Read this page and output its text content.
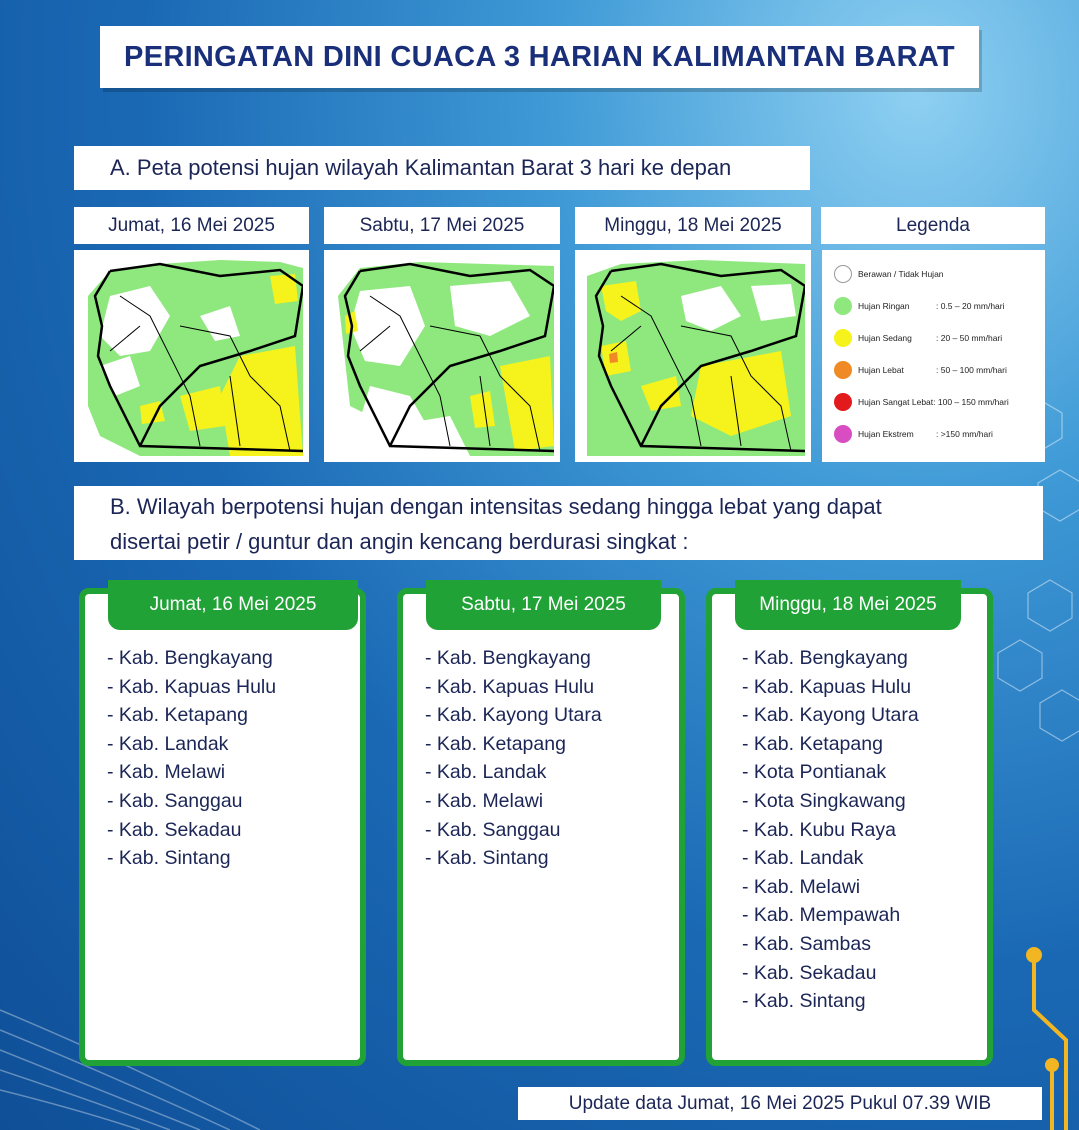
PERINGATAN DINI CUACA 3 HARIAN KALIMANTAN BARAT
A. Peta potensi hujan wilayah Kalimantan Barat 3 hari ke depan
Jumat, 16 Mei 2025	Sabtu, 17 Mei 2025	Minggu, 18 Mei 2025	Legenda
Berawan / Tidak Hujan
Hujan Ringan	: 0.5 – 20 mm/hari
Hujan Sedang	: 20 – 50 mm/hari
Hujan Lebat	: 50 – 100 mm/hari
Hujan Sangat Lebat : 100 – 150 mm/hari
Hujan Ekstrem	: >150 mm/hari
B. Wilayah berpotensi hujan dengan intensitas sedang hingga lebat yang dapat
disertai petir / guntur dan angin kencang berdurasi singkat :
- Kab. Bengkayang
- Kab. Kapuas Hulu
- Kab. Ketapang
- Kab. Landak
- Kab. Melawi
- Kab. Sanggau
- Kab. Sekadau
- Kab. Sintang
Jumat, 16 Mei 2025
- Kab. Bengkayang
- Kab. Kapuas Hulu
- Kab. Kayong Utara
- Kab. Ketapang
- Kab. Landak
- Kab. Melawi
- Kab. Sanggau
- Kab. Sintang
Sabtu, 17 Mei 2025
- Kab. Bengkayang
- Kab. Kapuas Hulu
- Kab. Kayong Utara
- Kab. Ketapang
- Kota Pontianak
- Kota Singkawang
- Kab. Kubu Raya
- Kab. Landak
- Kab. Melawi
- Kab. Mempawah
- Kab. Sambas
- Kab. Sekadau
- Kab. Sintang
Minggu, 18 Mei 2025
Update data Jumat, 16 Mei 2025 Pukul 07.39 WIB
